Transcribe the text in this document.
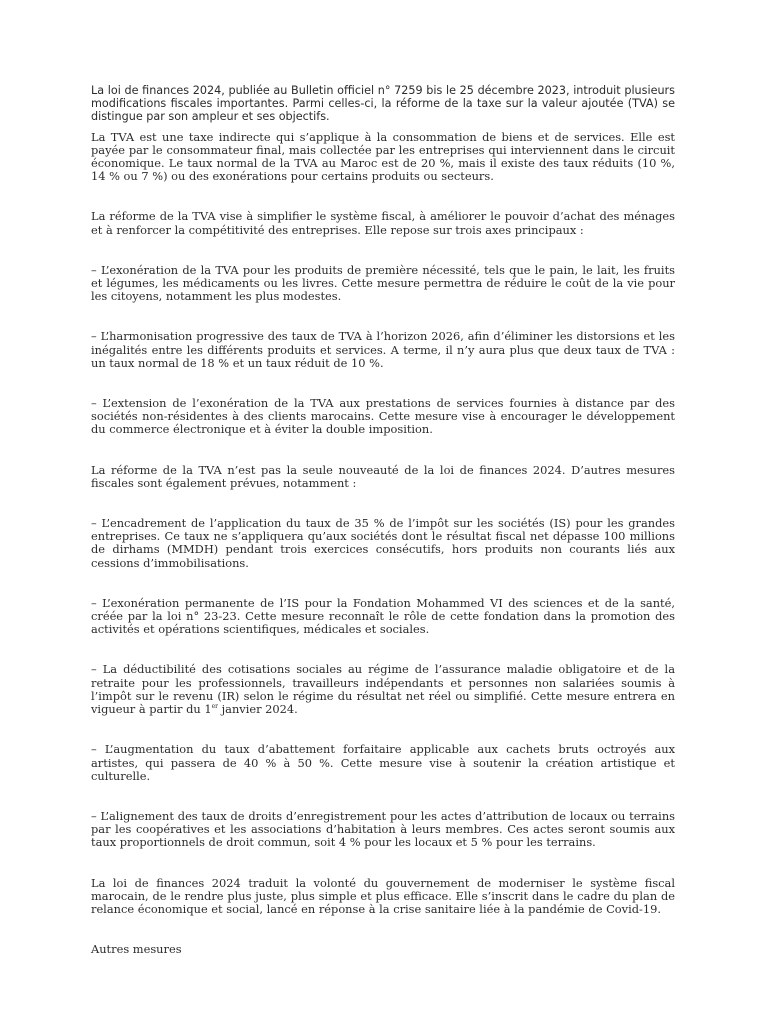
La loi de finances 2024, publiée au Bulletin officiel n° 7259 bis le 25 décembre 2023, introduit plusieurs modifications fiscales importantes. Parmi celles-ci, la réforme de la taxe sur la valeur ajoutée (TVA) se distingue par son ampleur et ses objectifs.

La TVA est une taxe indirecte qui s’applique à la consommation de biens et de services. Elle est payée par le consommateur final, mais collectée par les entreprises qui interviennent dans le circuit économique. Le taux normal de la TVA au Maroc est de 20 %, mais il existe des taux réduits (10 %, 14 % ou 7 %) ou des exonérations pour certains produits ou secteurs.

La réforme de la TVA vise à simplifier le système fiscal, à améliorer le pouvoir d’achat des ménages et à renforcer la compétitivité des entreprises. Elle repose sur trois axes principaux :

– L’exonération de la TVA pour les produits de première nécessité, tels que le pain, le lait, les fruits et légumes, les médicaments ou les livres. Cette mesure permettra de réduire le coût de la vie pour les citoyens, notamment les plus modestes.

– L’harmonisation progressive des taux de TVA à l’horizon 2026, afin d’éliminer les distorsions et les inégalités entre les différents produits et services. A terme, il n’y aura plus que deux taux de TVA : un taux normal de 18 % et un taux réduit de 10 %.

– L’extension de l’exonération de la TVA aux prestations de services fournies à distance par des sociétés non-résidentes à des clients marocains. Cette mesure vise à encourager le développement du commerce électronique et à éviter la double imposition.

La réforme de la TVA n’est pas la seule nouveauté de la loi de finances 2024. D’autres mesures fiscales sont également prévues, notamment :

– L’encadrement de l’application du taux de 35 % de l’impôt sur les sociétés (IS) pour les grandes entreprises. Ce taux ne s’appliquera qu’aux sociétés dont le résultat fiscal net dépasse 100 millions de dirhams (MMDH) pendant trois exercices consécutifs, hors produits non courants liés aux cessions d’immobilisations.

– L’exonération permanente de l’IS pour la Fondation Mohammed VI des sciences et de la santé, créée par la loi n° 23-23. Cette mesure reconnaît le rôle de cette fondation dans la promotion des activités et opérations scientifiques, médicales et sociales.

– La déductibilité des cotisations sociales au régime de l’assurance maladie obligatoire et de la retraite pour les professionnels, travailleurs indépendants et personnes non salariées soumis à l’impôt sur le revenu (IR) selon le régime du résultat net réel ou simplifié. Cette mesure entrera en vigueur à partir du 1er janvier 2024.

– L’augmentation du taux d’abattement forfaitaire applicable aux cachets bruts octroyés aux artistes, qui passera de 40 % à 50 %. Cette mesure vise à soutenir la création artistique et culturelle.

– L’alignement des taux de droits d’enregistrement pour les actes d’attribution de locaux ou terrains par les coopératives et les associations d’habitation à leurs membres. Ces actes seront soumis aux taux proportionnels de droit commun, soit 4 % pour les locaux et 5 % pour les terrains.

La loi de finances 2024 traduit la volonté du gouvernement de moderniser le système fiscal marocain, de le rendre plus juste, plus simple et plus efficace. Elle s’inscrit dans le cadre du plan de relance économique et social, lancé en réponse à la crise sanitaire liée à la pandémie de Covid-19.

Autres mesures
